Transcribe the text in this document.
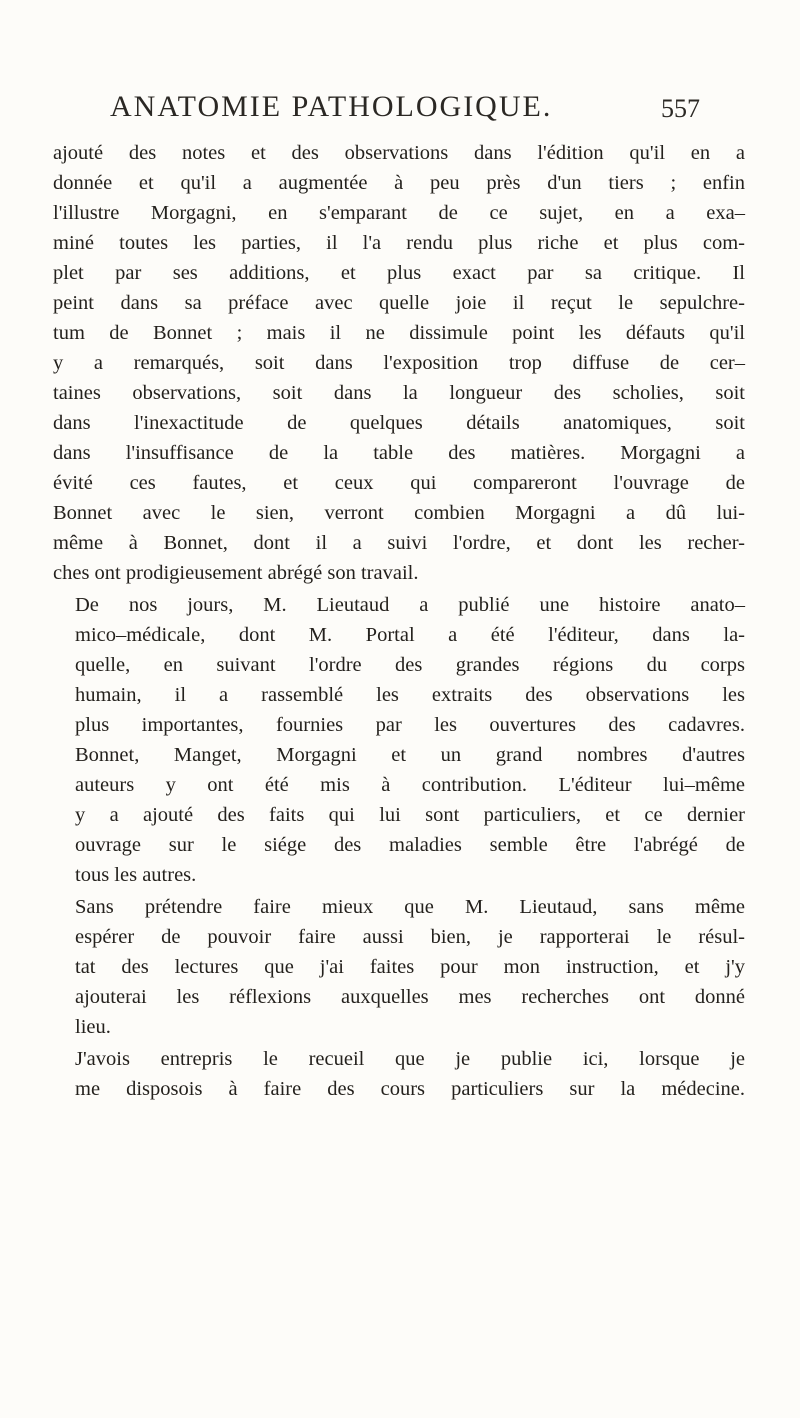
ANATOMIE PATHOLOGIQUE.	557

ajouté des notes et des observations dans l'édition qu'il en a
donnée et qu'il a augmentée à peu près d'un tiers ; enfin
l'illustre Morgagni, en s'emparant de ce sujet, en a exa–
miné toutes les parties, il l'a rendu plus riche et plus com-
plet par ses additions, et plus exact par sa critique. Il
peint dans sa préface avec quelle joie il reçut le sepulchre-
tum de Bonnet ; mais il ne dissimule point les défauts qu'il
y a remarqués, soit dans l'exposition trop diffuse de cer–
taines observations, soit dans la longueur des scholies, soit
dans l'inexactitude de quelques détails anatomiques, soit
dans l'insuffisance de la table des matières. Morgagni a
évité ces fautes, et ceux qui compareront l'ouvrage de
Bonnet avec le sien, verront combien Morgagni a dû lui-
même à Bonnet, dont il a suivi l'ordre, et dont les recher-
ches ont prodigieusement abrégé son travail.

De nos jours, M. Lieutaud a publié une histoire anato–
mico–médicale, dont M. Portal a été l'éditeur, dans la-
quelle, en suivant l'ordre des grandes régions du corps
humain, il a rassemblé les extraits des observations les
plus importantes, fournies par les ouvertures des cadavres.
Bonnet, Manget, Morgagni et un grand nombres d'autres
auteurs y ont été mis à contribution. L'éditeur lui–même
y a ajouté des faits qui lui sont particuliers, et ce dernier
ouvrage sur le siége des maladies semble être l'abrégé de
tous les autres.

Sans prétendre faire mieux que M. Lieutaud, sans même
espérer de pouvoir faire aussi bien, je rapporterai le résul-
tat des lectures que j'ai faites pour mon instruction, et j'y
ajouterai les réflexions auxquelles mes recherches ont donné
lieu.

J'avois entrepris le recueil que je publie ici, lorsque je
me disposois à faire des cours particuliers sur la médecine.
